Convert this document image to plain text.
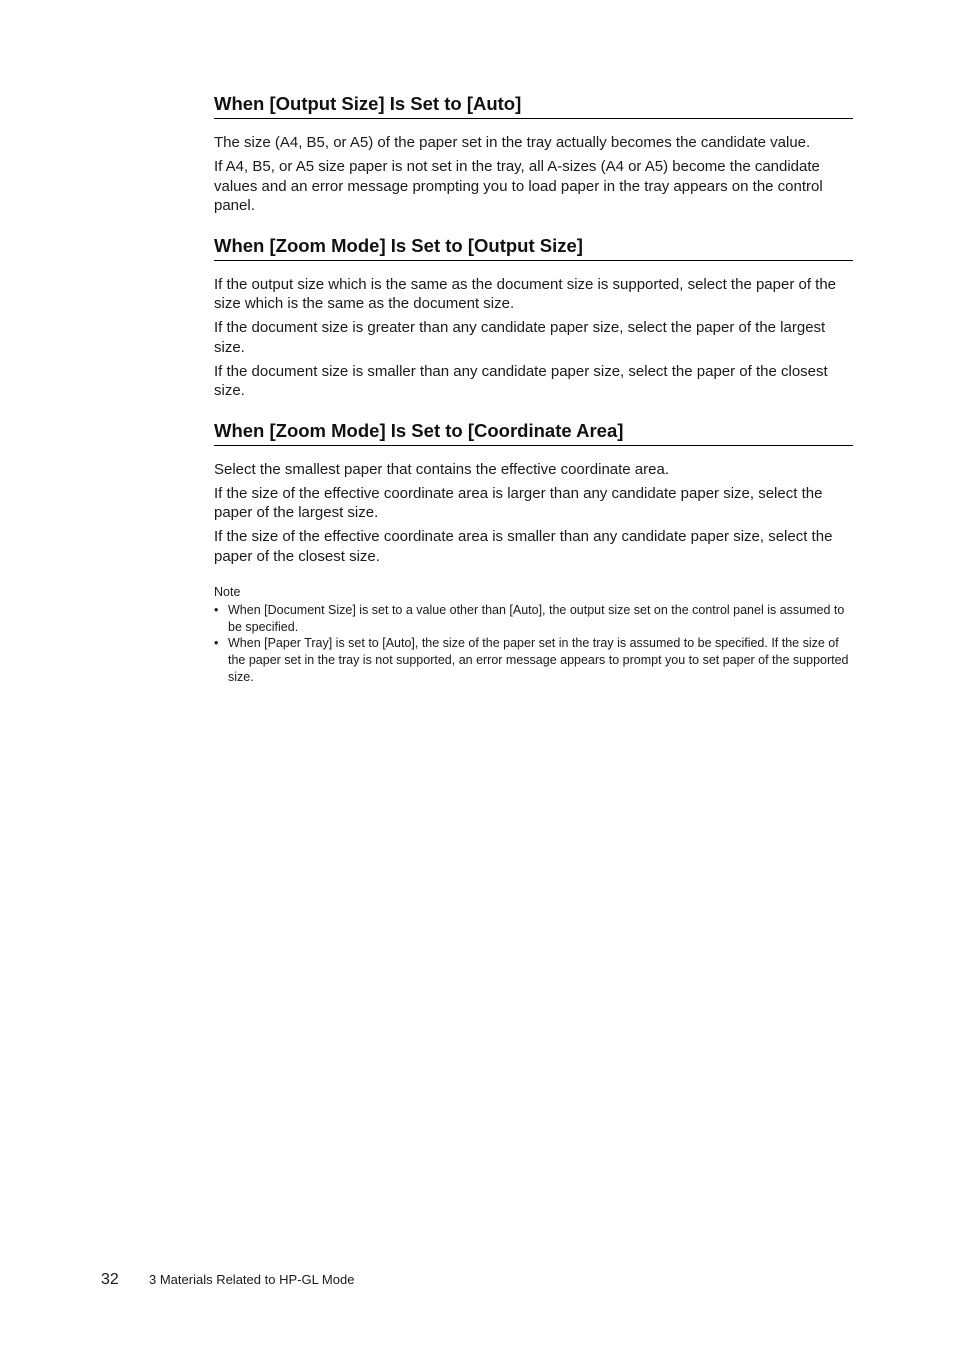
When [Output Size] Is Set to [Auto]

The size (A4, B5, or A5) of the paper set in the tray actually becomes the candidate value.

If A4, B5, or A5 size paper is not set in the tray, all A-sizes (A4 or A5) become the candidate values and an error message prompting you to load paper in the tray appears on the control panel.

When [Zoom Mode] Is Set to [Output Size]

If the output size which is the same as the document size is supported, select the paper of the size which is the same as the document size.

If the document size is greater than any candidate paper size, select the paper of the largest size.

If the document size is smaller than any candidate paper size, select the paper of the closest size.

When [Zoom Mode] Is Set to [Coordinate Area]

Select the smallest paper that contains the effective coordinate area.

If the size of the effective coordinate area is larger than any candidate paper size, select the paper of the largest size.

If the size of the effective coordinate area is smaller than any candidate paper size, select the paper of the closest size.

Note

• When [Document Size] is set to a value other than [Auto], the output size set on the control panel is assumed to be specified.
• When [Paper Tray] is set to [Auto], the size of the paper set in the tray is assumed to be specified. If the size of the paper set in the tray is not supported, an error message appears to prompt you to set paper of the supported size.
32 3 Materials Related to HP-GL Mode
